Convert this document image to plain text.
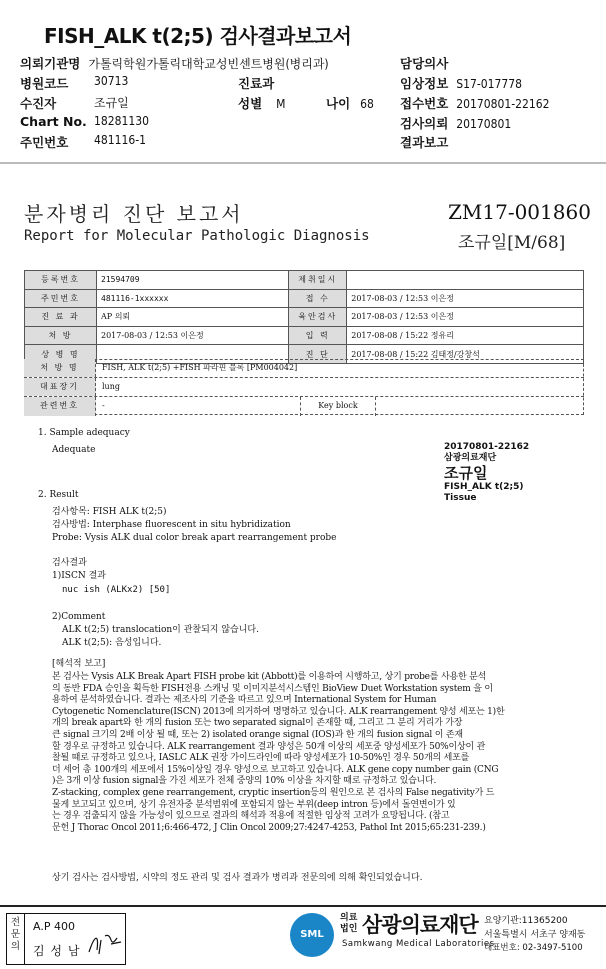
FISH_ALK t(2;5) 검사결과보고서
의뢰기관명 가톨릭학원가톨릭대학교성빈센트병원(병리과)	담당의사
병원코드 30713	진료과	임상정보 S17-017778
수진자	조규일	성별 M	나이 68 접수번호 20170801-22162
Chart No. 18281130	검사의뢰 20170801
주민번호 481116-1	결과보고
분자병리 진단 보고서
Report for Molecular Pathologic Diagnosis
ZM17-001860
조규일[M/68]
등록번호	21594709	제취일시	
주민번호	481116-1xxxxxx	접 수	2017-08-03 / 12:53 이은정
진 료 과	AP 의뢰	육안검사	2017-08-03 / 12:53 이은정
처 방	2017-08-03 / 12:53 이은정	입 력	2017-08-08 / 15:22 정유리
상 병 명		진 단	2017-08-08 / 15:22 김태정/강창석
처 방 명	FISH, ALK t(2;5) +FISH 파라핀 블록 [PM004042]
대표장기	lung
관련번호	-	Key block
1. Sample adequacy
Adequate	20170801-22162
삼광의료재단
조규일
FISH_ALK t(2;5)
Tissue
2. Result
검사항목: FISH ALK t(2;5)
검사방법: Interphase fluorescent in situ hybridization
Probe: Vysis ALK dual color break apart rearrangement probe
검사결과
1)ISCN 결과
nuc ish (ALKx2) [50]
2)Comment
ALK t(2;5) translocation이 관찰되지 않습니다.
ALK t(2;5): 음성입니다.
[해석적 보고]
본 검사는 Vysis ALK Break Apart FISH probe kit (Abbott)를 이용하여 시행하고, 상기 probe를 사용한 분석
의 동반 FDA 승인을 획득한 FISH전용 스캐닝 및 이미지분석시스템인 BioView Duet Workstation system 을 이
용하여 분석하였습니다. 결과는 제조사의 기준을 따르고 있으며 International System for Human
Cytogenetic Nomenclature(ISCN) 2013에 의거하여 명명하고 있습니다. ALK rearrangement 양성 세포는 1)한
개의 break apart와 한 개의 fusion 또는 two separated signal이 존재할 때, 그리고 그 분리 거리가 가장
큰 signal 크기의 2배 이상 될 때, 또는 2) isolated orange signal (IOS)과 한 개의 fusion signal 이 존재
할 경우로 규정하고 있습니다. ALK rearrangement 결과 양성은 50개 이상의 세포중 양성세포가 50%이상이 관
찰될 때로 규정하고 있으나, IASLC ALK 권장 가이드라인에 따라 양성세포가 10-50%인 경우 50개의 세포를
더 세어 총 100개의 세포에서 15%이상일 경우 양성으로 보고하고 있습니다. ALK gene copy number gain (CNG
)은 3개 이상 fusion signal을 가진 세포가 전체 중양의 10% 이상을 차지할 때로 규정하고 있습니다.
Z-stacking, complex gene rearrangement, cryptic insertion등의 원인으로 본 검사의 False negativity가 드
물게 보고되고 있으며, 상기 유전자중 분석범위에 포함되지 않는 부위(deep intron 등)에서 돌연변이가 있
는 경우 검출되지 않을 가능성이 있으므로 결과의 해석과 적용에 적절한 임상적 고려가 요망됩니다. (참고
문헌 J Thorac Oncol 2011;6:466-472, J Clin Oncol 2009;27:4247-4253, Pathol Int 2015;65:231-239.)
상기 검사는 검사방법, 시약의 정도 관리 및 검사 결과가 병리과 전문의에 의해 확인되었습니다.
전문의
A.P 400
김 성 남
SML
의료 법인 삼광의료재단
Samkwang Medical Laboratories
요양기관:11365200
서울특별시 서초구 양재동
대표번호: 02-3497-5100
